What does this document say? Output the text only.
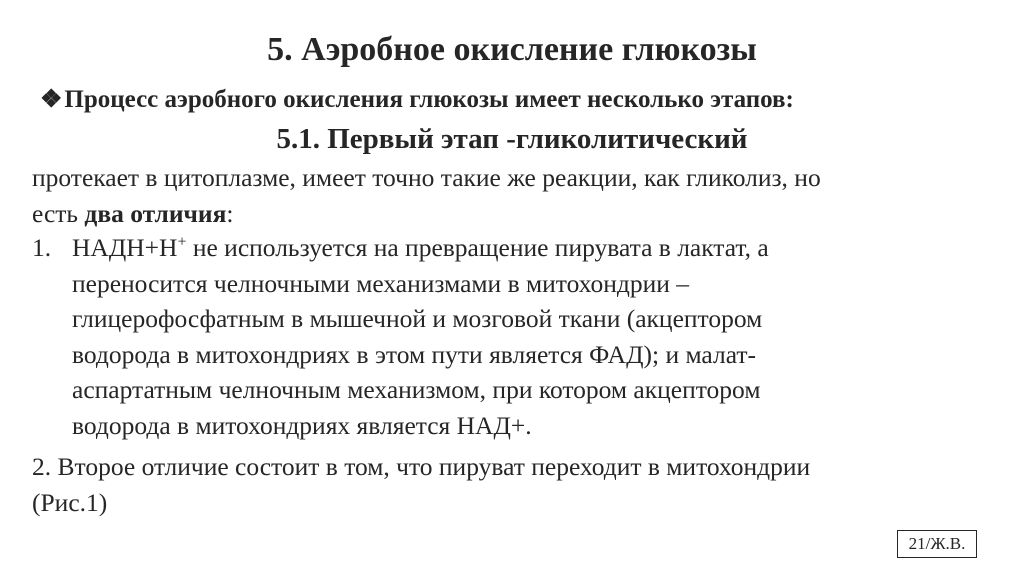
5. Аэробное окисление глюкозы
❖Процесс аэробного окисления глюкозы имеет несколько этапов:
5.1. Первый этап -гликолитический
протекает в цитоплазме, имеет точно такие же реакции, как гликолиз, но
есть два отличия:
1. НАДН+Н+ не используется на превращение пирувата в лактат, а
переносится челночными механизмами в митохондрии –
глицерофосфатным в мышечной и мозговой ткани (акцептором
водорода в митохондриях в этом пути является ФАД); и малат-
аспартатным челночным механизмом, при котором акцептором
водорода в митохондриях является НАД+.
2. Второе отличие состоит в том, что пируват переходит в митохондрии
(Рис.1)
21/Ж.В.
